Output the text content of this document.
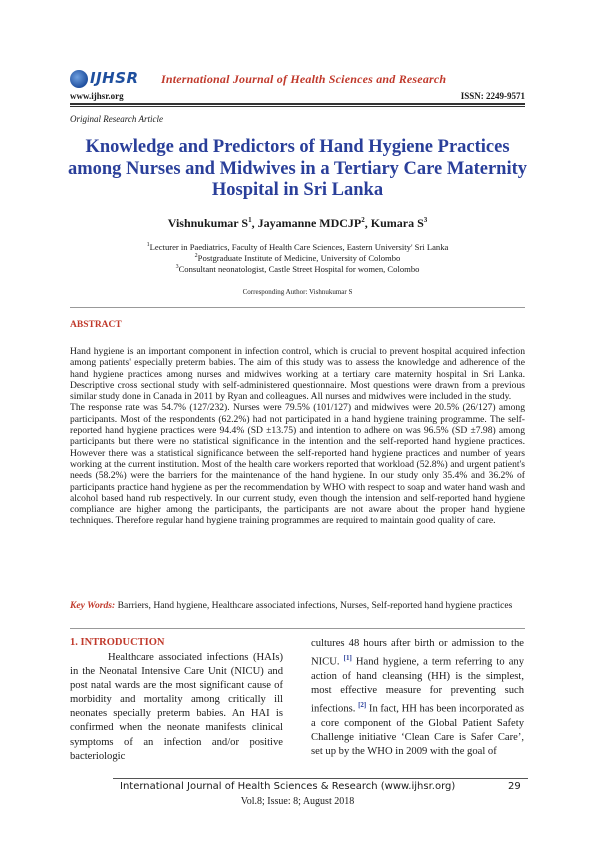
IJHSR International Journal of Health Sciences and Research
www.ijhsr.org	ISSN: 2249-9571
Original Research Article
Knowledge and Predictors of Hand Hygiene Practices among Nurses and Midwives in a Tertiary Care Maternity Hospital in Sri Lanka
Vishnukumar $S^1$, Jayamanne MDCJP$^2$, Kumara $S^3$
$^1$Lecturer in Paediatrics, Faculty of Health Care Sciences, Eastern University' Sri Lanka
$^2$Postgraduate Institute of Medicine, University of Colombo
$^3$Consultant neonatologist, Castle Street Hospital for women, Colombo
Corresponding Author: Vishnukumar S
ABSTRACT

Hand hygiene is an important component in infection control, which is crucial to prevent hospital acquired infection among patients' especially preterm babies. The aim of this study was to assess the knowledge and adherence of the hand hygiene practices among nurses and midwives working at a tertiary care maternity hospital in Sri Lanka. Descriptive cross sectional study with self-administered questionnaire. Most questions were drawn from a previous similar study done in Canada in 2011 by Ryan and colleagues. All nurses and midwives were included in the study.

The response rate was 54.7% (127/232). Nurses were 79.5% (101/127) and midwives were 20.5% (26/127) among participants. Most of the respondents (62.2%) had not participated in a hand hygiene training programme. The self-reported hand hygiene practices were 94.4% (SD ±13.75) and intention to adhere on was 96.5% (SD ±7.98) among participants but there were no statistical significance in the intention and the self-reported hand hygiene practices. However there was a statistical significance between the self-reported hand hygiene practices and number of years working at the current institution. Most of the health care workers reported that workload (52.8%) and urgent patient's needs (58.2%) were the barriers for the maintenance of the hand hygiene. In our study only 35.4% and 36.2% of participants practice hand hygiene as per the recommendation by WHO with respect to soap and water hand wash and alcohol based hand rub respectively. In our current study, even though the intension and self-reported hand hygiene compliance are higher among the participants, the participants are not aware about the proper hand hygiene techniques. Therefore regular hand hygiene training programmes are required to maintain good quality of care.

Key Words: Barriers, Hand hygiene, Healthcare associated infections, Nurses, Self-reported hand hygiene practices
1. INTRODUCTION

Healthcare associated infections (HAIs) in the Neonatal Intensive Care Unit (NICU) and post natal wards are the most significant cause of morbidity and mortality among critically ill neonates specially preterm babies. An HAI is confirmed when the neonate manifests clinical symptoms of an infection and/or positive bacteriologic

cultures 48 hours after birth or admission to the NICU. [1] Hand hygiene, a term referring to any action of hand cleansing (HH) is the simplest, most effective measure for preventing such infections. [2] In fact, HH has been incorporated as a core component of the Global Patient Safety Challenge initiative ‘Clean Care is Safer Care’, set up by the WHO in 2009 with the goal of

International Journal of Health Sciences & Research (www.ijhsr.org)	29
Vol.8; Issue: 8; August 2018
